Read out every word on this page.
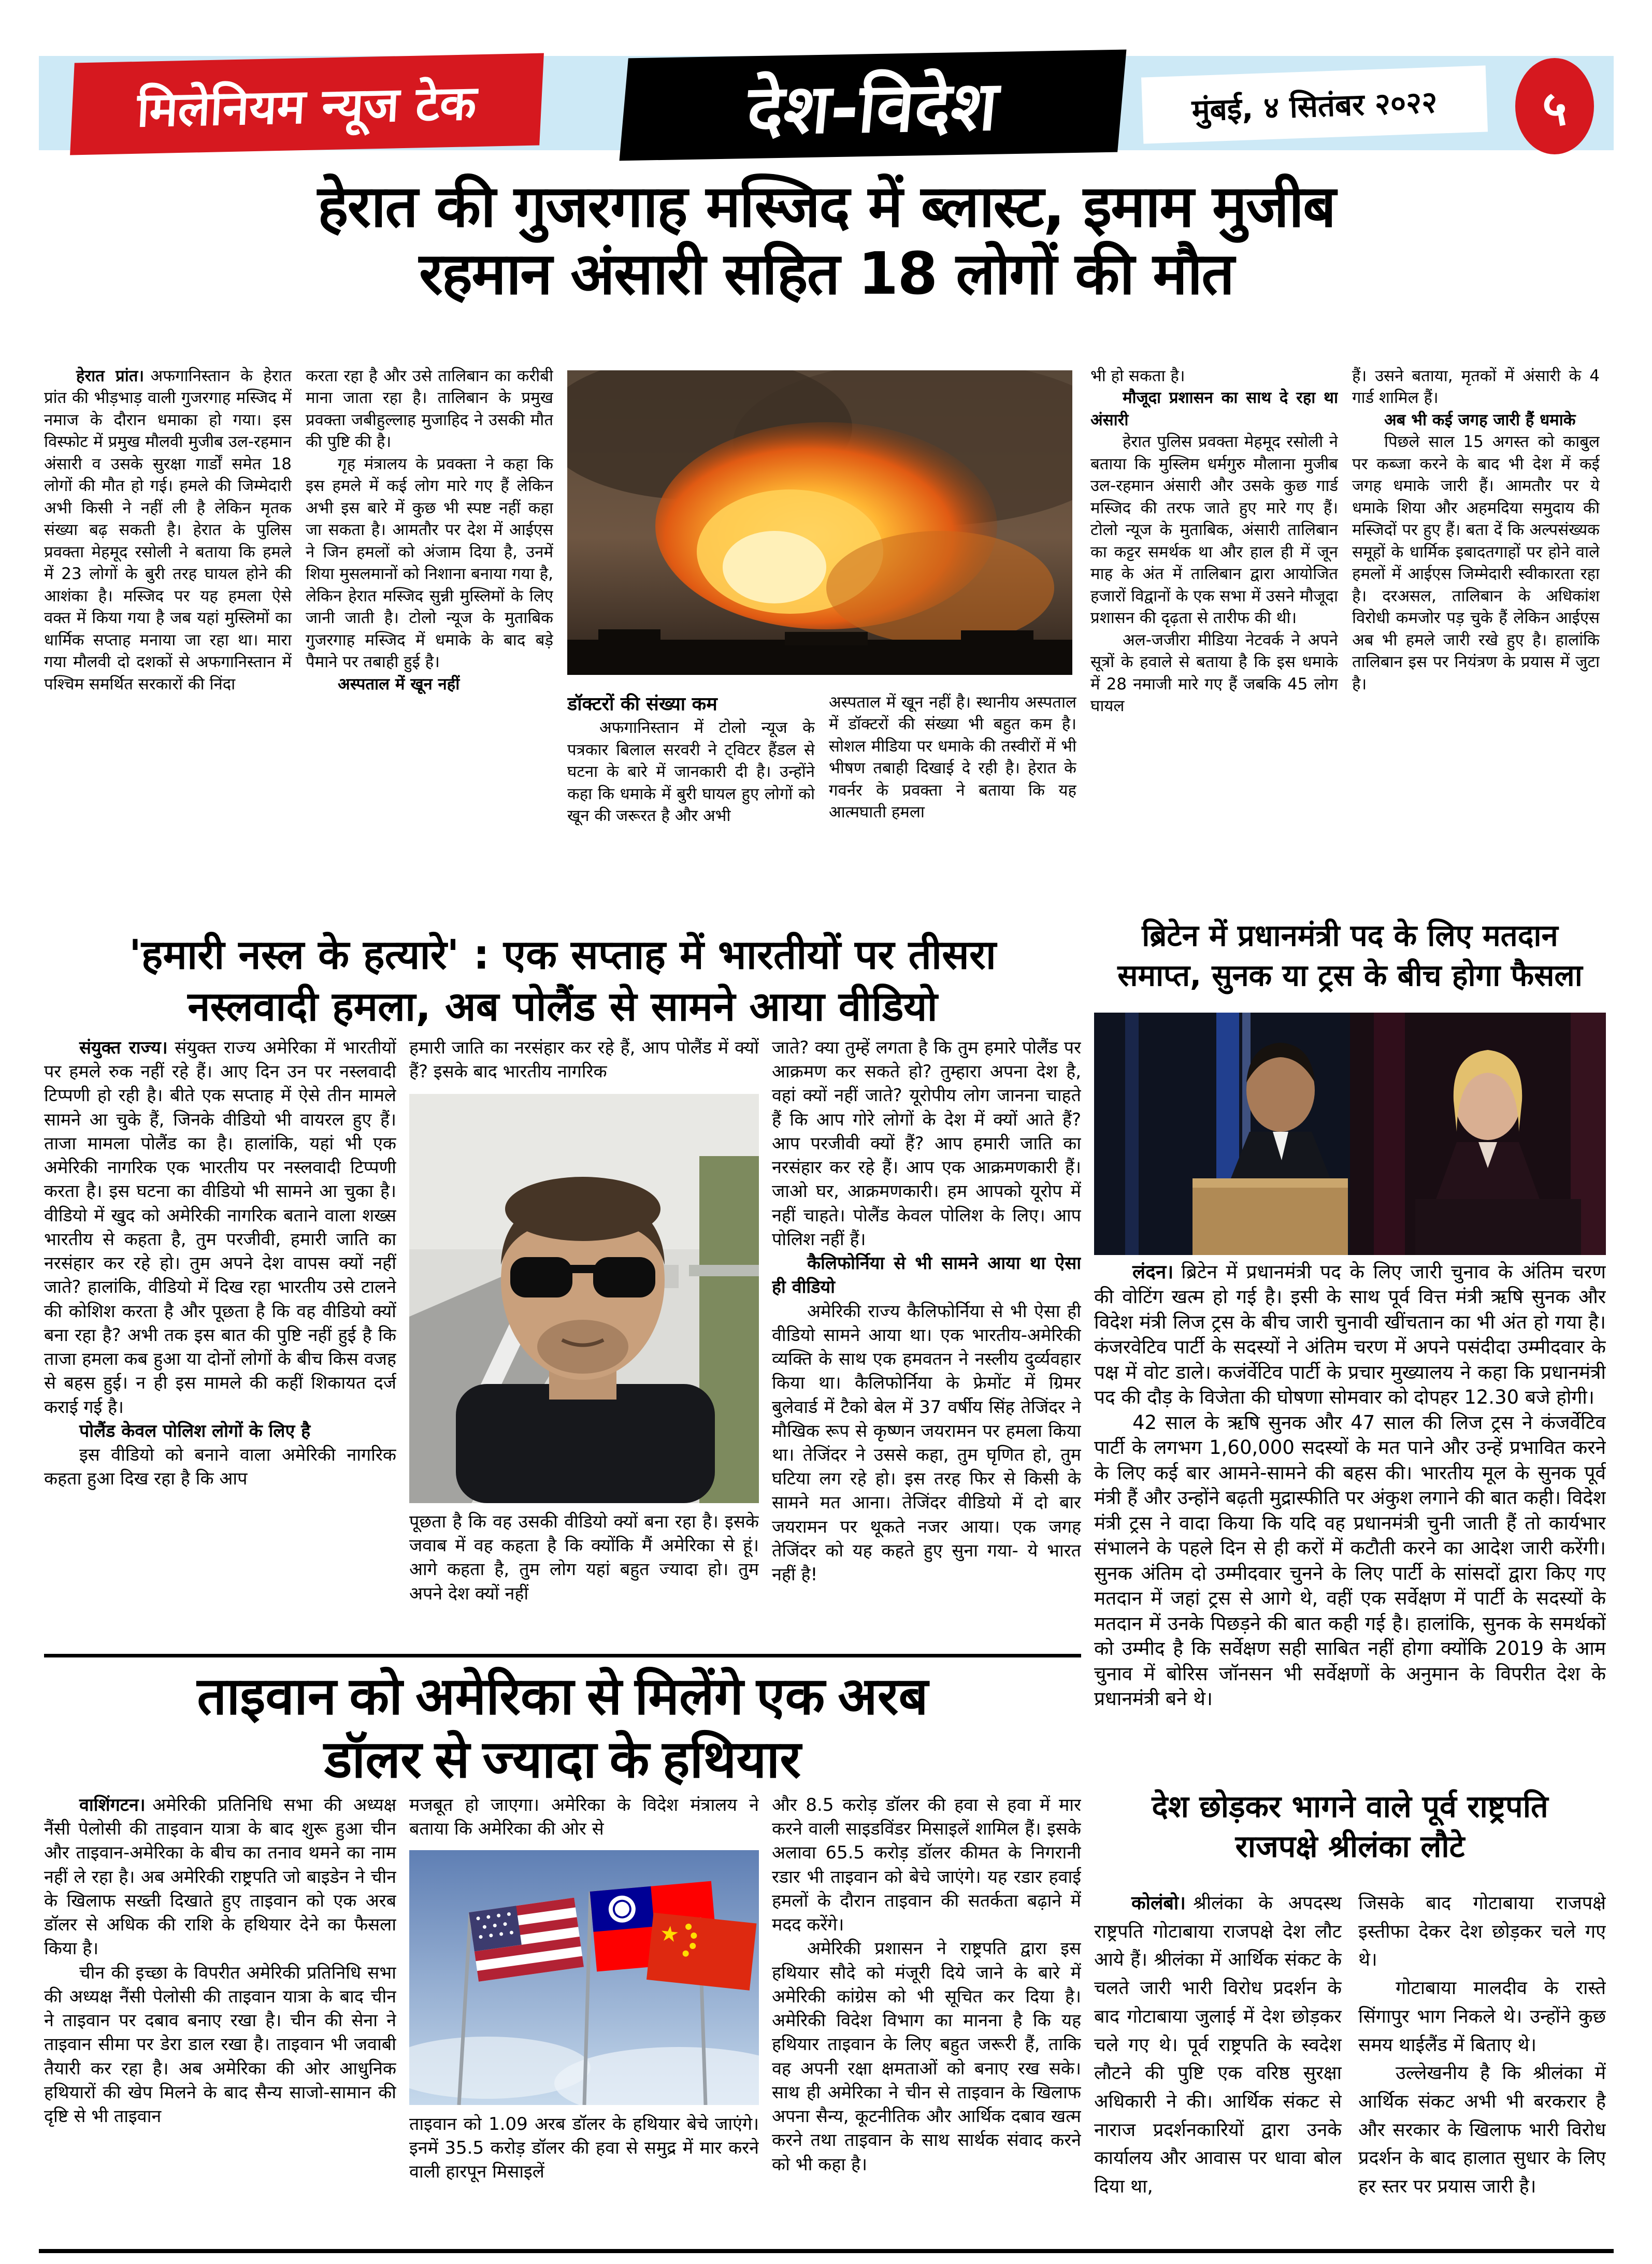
मिलेनियम न्यूज टेक	देश-विदेश	मुंबई, ४ सितंबर २०२२ ५
हेरात की गुजरगाह मस्जिद में ब्लास्ट, इमाम मुजीब
रहमान अंसारी सहित 18 लोगों की मौत

हेरात प्रांत। अफगानिस्तान के हेरात प्रांत की भीड़भाड़ वाली गुजरगाह मस्जिद में नमाज के दौरान धमाका हो गया। इस विस्फोट में प्रमुख मौलवी मुजीब उल-रहमान अंसारी व उसके सुरक्षा गार्डों समेत 18 लोगों की मौत हो गई। हमले की जिम्मेदारी अभी किसी ने नहीं ली है लेकिन मृतक संख्या बढ़ सकती है। हेरात के पुलिस प्रवक्ता मेहमूद रसोली ने बताया कि हमले में 23 लोगों के बुरी तरह घायल होने की आशंका है। मस्जिद पर यह हमला ऐसे वक्त में किया गया है जब यहां मुस्लिमों का धार्मिक सप्ताह मनाया जा रहा था। मारा गया मौलवी दो दशकों से अफगानिस्तान में पश्चिम समर्थित सरकारों की निंदा

करता रहा है और उसे तालिबान का करीबी माना जाता रहा है। तालिबान के प्रमुख प्रवक्ता जबीहुल्लाह मुजाहिद ने उसकी मौत की पुष्टि की है।

गृह मंत्रालय के प्रवक्ता ने कहा कि इस हमले में कई लोग मारे गए हैं लेकिन अभी इस बारे में कुछ भी स्पष्ट नहीं कहा जा सकता है। आमतौर पर देश में आईएस ने जिन हमलों को अंजाम दिया है, उनमें शिया मुसलमानों को निशाना बनाया गया है, लेकिन हेरात मस्जिद सुन्नी मुस्लिमों के लिए जानी जाती है। टोलो न्यूज के मुताबिक गुजरगाह मस्जिद में धमाके के बाद बड़े पैमाने पर तबाही हुई है।

अस्पताल में खून नहीं

डॉक्टरों की संख्या कम

अफगानिस्तान में टोलो न्यूज के पत्रकार बिलाल सरवरी ने ट्विटर हैंडल से घटना के बारे में जानकारी दी है। उन्होंने कहा कि धमाके में बुरी घायल हुए लोगों को खून की जरूरत है और अभी

अस्पताल में खून नहीं है। स्थानीय अस्पताल में डॉक्टरों की संख्या भी बहुत कम है। सोशल मीडिया पर धमाके की तस्वीरों में भी भीषण तबाही दिखाई दे रही है। हेरात के गवर्नर के प्रवक्ता ने बताया कि यह आत्मघाती हमला

भी हो सकता है।

मौजूदा प्रशासन का साथ दे रहा था अंसारी

हेरात पुलिस प्रवक्ता मेहमूद रसोली ने बताया कि मुस्लिम धर्मगुरु मौलाना मुजीब उल-रहमान अंसारी और उसके कुछ गार्ड मस्जिद की तरफ जाते हुए मारे गए हैं। टोलो न्यूज के मुताबिक, अंसारी तालिबान का कट्टर समर्थक था और हाल ही में जून माह के अंत में तालिबान द्वारा आयोजित हजारों विद्वानों के एक सभा में उसने मौजूदा प्रशासन की दृढ़ता से तारीफ की थी।

अल-जजीरा मीडिया नेटवर्क ने अपने सूत्रों के हवाले से बताया है कि इस धमाके में 28 नमाजी मारे गए हैं जबकि 45 लोग घायल

हैं। उसने बताया, मृतकों में अंसारी के 4 गार्ड शामिल हैं।

अब भी कई जगह जारी हैं धमाके

पिछले साल 15 अगस्त को काबुल पर कब्जा करने के बाद भी देश में कई जगह धमाके जारी हैं। आमतौर पर ये धमाके शिया और अहमदिया समुदाय की मस्जिदों पर हुए हैं। बता दें कि अल्पसंख्यक समूहों के धार्मिक इबादतगाहों पर होने वाले हमलों में आईएस जिम्मेदारी स्वीकारता रहा है। दरअसल, तालिबान के अधिकांश विरोधी कमजोर पड़ चुके हैं लेकिन आईएस अब भी हमले जारी रखे हुए है। हालांकि तालिबान इस पर नियंत्रण के प्रयास में जुटा है।

'हमारी नस्ल के हत्यारे' : एक सप्ताह में भारतीयों पर तीसरा
नस्लवादी हमला, अब पोलैंड से सामने आया वीडियो

संयुक्त राज्य। संयुक्त राज्य अमेरिका में भारतीयों पर हमले रुक नहीं रहे हैं। आए दिन उन पर नस्लवादी टिप्पणी हो रही है। बीते एक सप्ताह में ऐसे तीन मामले सामने आ चुके हैं, जिनके वीडियो भी वायरल हुए हैं। ताजा मामला पोलैंड का है। हालांकि, यहां भी एक अमेरिकी नागरिक एक भारतीय पर नस्लवादी टिप्पणी करता है। इस घटना का वीडियो भी सामने आ चुका है। वीडियो में खुद को अमेरिकी नागरिक बताने वाला शख्स भारतीय से कहता है, तुम परजीवी, हमारी जाति का नरसंहार कर रहे हो। तुम अपने देश वापस क्यों नहीं जाते? हालांकि, वीडियो में दिख रहा भारतीय उसे टालने की कोशिश करता है और पूछता है कि वह वीडियो क्यों बना रहा है? अभी तक इस बात की पुष्टि नहीं हुई है कि ताजा हमला कब हुआ या दोनों लोगों के बीच किस वजह से बहस हुई। न ही इस मामले की कहीं शिकायत दर्ज कराई गई है।

पोलैंड केवल पोलिश लोगों के लिए है

इस वीडियो को बनाने वाला अमेरिकी नागरिक कहता हुआ दिख रहा है कि आप

हमारी जाति का नरसंहार कर रहे हैं, आप पोलैंड में क्यों हैं? इसके बाद भारतीय नागरिक

पूछता है कि वह उसकी वीडियो क्यों बना रहा है। इसके जवाब में वह कहता है कि क्योंकि मैं अमेरिका से हूं। आगे कहता है, तुम लोग यहां बहुत ज्यादा हो। तुम अपने देश क्यों नहीं

जाते? क्या तुम्हें लगता है कि तुम हमारे पोलैंड पर आक्रमण कर सकते हो? तुम्हारा अपना देश है, वहां क्यों नहीं जाते? यूरोपीय लोग जानना चाहते हैं कि आप गोरे लोगों के देश में क्यों आते हैं? आप परजीवी क्यों हैं? आप हमारी जाति का नरसंहार कर रहे हैं। आप एक आक्रमणकारी हैं। जाओ घर, आक्रमणकारी। हम आपको यूरोप में नहीं चाहते। पोलैंड केवल पोलिश के लिए। आप पोलिश नहीं हैं।

कैलिफोर्निया से भी सामने आया था ऐसा ही वीडियो

अमेरिकी राज्य कैलिफोर्निया से भी ऐसा ही वीडियो सामने आया था। एक भारतीय-अमेरिकी व्यक्ति के साथ एक हमवतन ने नस्लीय दुर्व्यवहार किया था। कैलिफोर्निया के फ्रेमोंट में ग्रिमर बुलेवार्ड में टैको बेल में 37 वर्षीय सिंह तेजिंदर ने मौखिक रूप से कृष्णन जयरामन पर हमला किया था। तेजिंदर ने उससे कहा, तुम घृणित हो, तुम घटिया लग रहे हो। इस तरह फिर से किसी के सामने मत आना। तेजिंदर वीडियो में दो बार जयरामन पर थूकते नजर आया। एक जगह तेजिंदर को यह कहते हुए सुना गया- ये भारत नहीं है!

ब्रिटेन में प्रधानमंत्री पद के लिए मतदान
समाप्त, सुनक या ट्रस के बीच होगा फैसला

लंदन। ब्रिटेन में प्रधानमंत्री पद के लिए जारी चुनाव के अंतिम चरण की वोटिंग खत्म हो गई है। इसी के साथ पूर्व वित्त मंत्री ऋषि सुनक और विदेश मंत्री लिज ट्रस के बीच जारी चुनावी खींचतान का भी अंत हो गया है। कंजरवेटिव पार्टी के सदस्यों ने अंतिम चरण में अपने पसंदीदा उम्मीदवार के पक्ष में वोट डाले। कजंर्वेटिव पार्टी के प्रचार मुख्यालय ने कहा कि प्रधानमंत्री पद की दौड़ के विजेता की घोषणा सोमवार को दोपहर 12.30 बजे होगी।

42 साल के ऋषि सुनक और 47 साल की लिज ट्रस ने कंजर्वेटिव पार्टी के लगभग 1,60,000 सदस्यों के मत पाने और उन्हें प्रभावित करने के लिए कई बार आमने-सामने की बहस की। भारतीय मूल के सुनक पूर्व मंत्री हैं और उन्होंने बढ़ती मुद्रास्फीति पर अंकुश लगाने की बात कही। विदेश मंत्री ट्रस ने वादा किया कि यदि वह प्रधानमंत्री चुनी जाती हैं तो कार्यभार संभालने के पहले दिन से ही करों में कटौती करने का आदेश जारी करेंगी। सुनक अंतिम दो उम्मीदवार चुनने के लिए पार्टी के सांसदों द्वारा किए गए मतदान में जहां ट्रस से आगे थे, वहीं एक सर्वेक्षण में पार्टी के सदस्यों के मतदान में उनके पिछड़ने की बात कही गई है। हालांकि, सुनक के समर्थकों को उम्मीद है कि सर्वेक्षण सही साबित नहीं होगा क्योंकि 2019 के आम चुनाव में बोरिस जॉनसन भी सर्वेक्षणों के अनुमान के विपरीत देश के प्रधानमंत्री बने थे।

ताइवान को अमेरिका से मिलेंगे एक अरब
डॉलर से ज्यादा के हथियार

वाशिंगटन। अमेरिकी प्रतिनिधि सभा की अध्यक्ष नैंसी पेलोसी की ताइवान यात्रा के बाद शुरू हुआ चीन और ताइवान-अमेरिका के बीच का तनाव थमने का नाम नहीं ले रहा है। अब अमेरिकी राष्ट्रपति जो बाइडेन ने चीन के खिलाफ सख्ती दिखाते हुए ताइवान को एक अरब डॉलर से अधिक की राशि के हथियार देने का फैसला किया है।

चीन की इच्छा के विपरीत अमेरिकी प्रतिनिधि सभा की अध्यक्ष नैंसी पेलोसी की ताइवान यात्रा के बाद चीन ने ताइवान पर दबाव बनाए रखा है। चीन की सेना ने ताइवान सीमा पर डेरा डाल रखा है। ताइवान भी जवाबी तैयारी कर रहा है। अब अमेरिका की ओर आधुनिक हथियारों की खेप मिलने के बाद सैन्य साजो-सामान की दृष्टि से भी ताइवान

मजबूत हो जाएगा। अमेरिका के विदेश मंत्रालय ने बताया कि अमेरिका की ओर से

ताइवान को 1.09 अरब डॉलर के हथियार बेचे जाएंगे। इनमें 35.5 करोड़ डॉलर की हवा से समुद्र में मार करने वाली हारपून मिसाइलें

और 8.5 करोड़ डॉलर की हवा से हवा में मार करने वाली साइडविंडर मिसाइलें शामिल हैं। इसके अलावा 65.5 करोड़ डॉलर कीमत के निगरानी रडार भी ताइवान को बेचे जाएंगे। यह रडार हवाई हमलों के दौरान ताइवान की सतर्कता बढ़ाने में मदद करेंगे।

अमेरिकी प्रशासन ने राष्ट्रपति द्वारा इस हथियार सौदे को मंजूरी दिये जाने के बारे में अमेरिकी कांग्रेस को भी सूचित कर दिया है। अमेरिकी विदेश विभाग का मानना है कि यह हथियार ताइवान के लिए बहुत जरूरी हैं, ताकि वह अपनी रक्षा क्षमताओं को बनाए रख सके। साथ ही अमेरिका ने चीन से ताइवान के खिलाफ अपना सैन्य, कूटनीतिक और आर्थिक दबाव खत्म करने तथा ताइवान के साथ सार्थक संवाद करने को भी कहा है।

देश छोड़कर भागने वाले पूर्व राष्ट्रपति
राजपक्षे श्रीलंका लौटे

कोलंबो। श्रीलंका के अपदस्थ राष्ट्रपति गोटाबाया राजपक्षे देश लौट आये हैं। श्रीलंका में आर्थिक संकट के चलते जारी भारी विरोध प्रदर्शन के बाद गोटाबाया जुलाई में देश छोड़कर चले गए थे। पूर्व राष्ट्रपति के स्वदेश लौटने की पुष्टि एक वरिष्ठ सुरक्षा अधिकारी ने की। आर्थिक संकट से नाराज प्रदर्शनकारियों द्वारा उनके कार्यालय और आवास पर धावा बोल दिया था,

जिसके बाद गोटाबाया राजपक्षे इस्तीफा देकर देश छोड़कर चले गए थे।

गोटाबाया मालदीव के रास्ते सिंगापुर भाग निकले थे। उन्होंने कुछ समय थाईलैंड में बिताए थे।

उल्लेखनीय है कि श्रीलंका में आर्थिक संकट अभी भी बरकरार है और सरकार के खिलाफ भारी विरोध प्रदर्शन के बाद हालात सुधार के लिए हर स्तर पर प्रयास जारी है।
